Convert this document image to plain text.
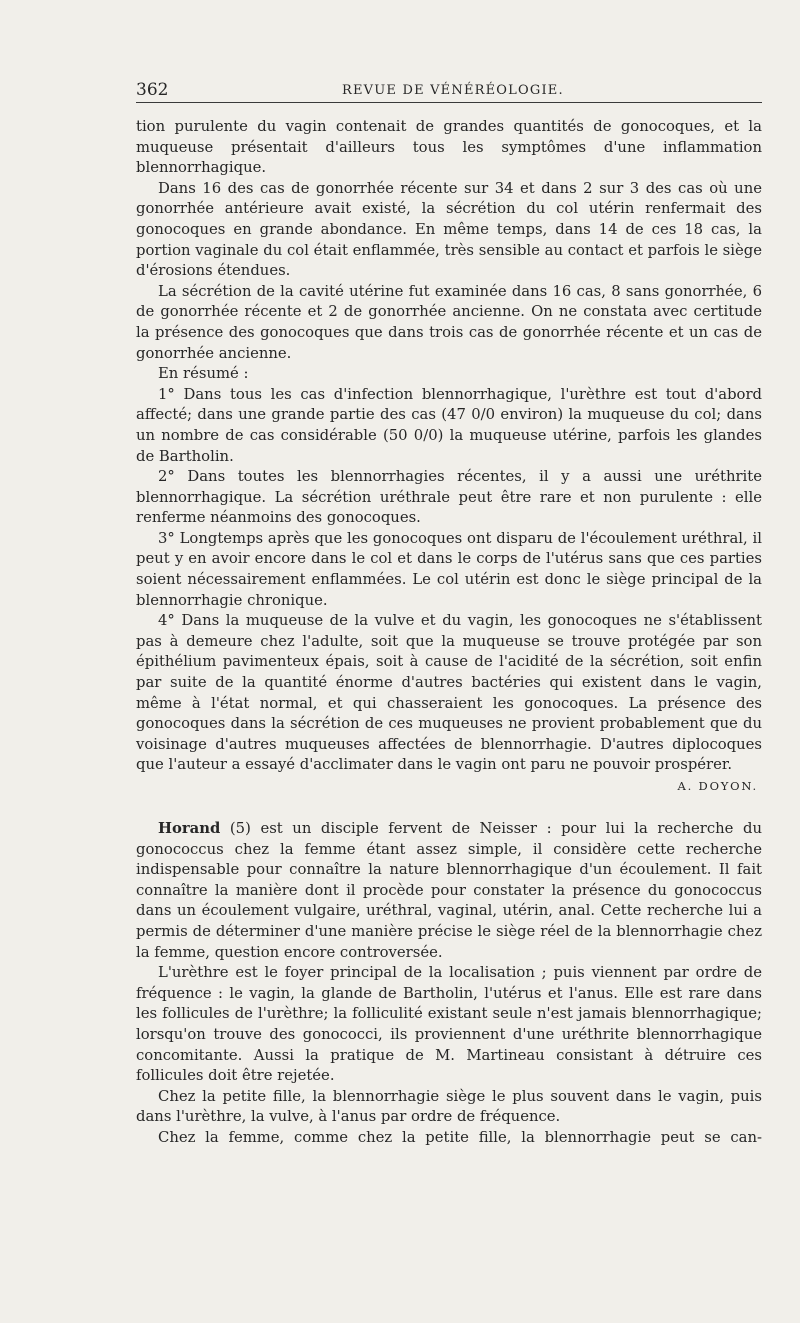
362	REVUE DE VÉNÉRÉOLOGIE.

tion purulente du vagin contenait de grandes quantités de gonocoques, et la muqueuse présentait d'ailleurs tous les symptômes d'une inflammation blennorrhagique.

Dans 16 des cas de gonorrhée récente sur 34 et dans 2 sur 3 des cas où une gonorrhée antérieure avait existé, la sécrétion du col utérin renfermait des gonocoques en grande abondance. En même temps, dans 14 de ces 18 cas, la portion vaginale du col était enflammée, très sensible au contact et parfois le siège d'érosions étendues.

La sécrétion de la cavité utérine fut examinée dans 16 cas, 8 sans gonorrhée, 6 de gonorrhée récente et 2 de gonorrhée ancienne. On ne constata avec certitude la présence des gonocoques que dans trois cas de gonorrhée récente et un cas de gonorrhée ancienne.

En résumé :

1° Dans tous les cas d'infection blennorrhagique, l'urèthre est tout d'abord affecté; dans une grande partie des cas (47 0/0 environ) la muqueuse du col; dans un nombre de cas considérable (50 0/0) la muqueuse utérine, parfois les glandes de Bartholin.

2° Dans toutes les blennorrhagies récentes, il y a aussi une uréthrite blennorrhagique. La sécrétion uréthrale peut être rare et non purulente : elle renferme néanmoins des gonocoques.

3° Longtemps après que les gonocoques ont disparu de l'écoulement uréthral, il peut y en avoir encore dans le col et dans le corps de l'utérus sans que ces parties soient nécessairement enflammées. Le col utérin est donc le siège principal de la blennorrhagie chronique.

4° Dans la muqueuse de la vulve et du vagin, les gonocoques ne s'établissent pas à demeure chez l'adulte, soit que la muqueuse se trouve protégée par son épithélium pavimenteux épais, soit à cause de l'acidité de la sécrétion, soit enfin par suite de la quantité énorme d'autres bactéries qui existent dans le vagin, même à l'état normal, et qui chasseraient les gonocoques. La présence des gonocoques dans la sécrétion de ces muqueuses ne provient probablement que du voisinage d'autres muqueuses affectées de blennorrhagie. D'autres diplocoques que l'auteur a essayé d'acclimater dans le vagin ont paru ne pouvoir prospérer.
A. DOYON.

Horand (5) est un disciple fervent de Neisser : pour lui la recherche du gonococcus chez la femme étant assez simple, il considère cette recherche indispensable pour connaître la nature blennorrhagique d'un écoulement. Il fait connaître la manière dont il procède pour constater la présence du gonococcus dans un écoulement vulgaire, uréthral, vaginal, utérin, anal. Cette recherche lui a permis de déterminer d'une manière précise le siège réel de la blennorrhagie chez la femme, question encore controversée.

L'urèthre est le foyer principal de la localisation ; puis viennent par ordre de fréquence : le vagin, la glande de Bartholin, l'utérus et l'anus. Elle est rare dans les follicules de l'urèthre; la folliculité existant seule n'est jamais blennorrhagique; lorsqu'on trouve des gonococci, ils proviennent d'une uréthrite blennorrhagique concomitante. Aussi la pratique de M. Martineau consistant à détruire ces follicules doit être rejetée.

Chez la petite fille, la blennorrhagie siège le plus souvent dans le vagin, puis dans l'urèthre, la vulve, à l'anus par ordre de fréquence.

Chez la femme, comme chez la petite fille, la blennorrhagie peut se can-
